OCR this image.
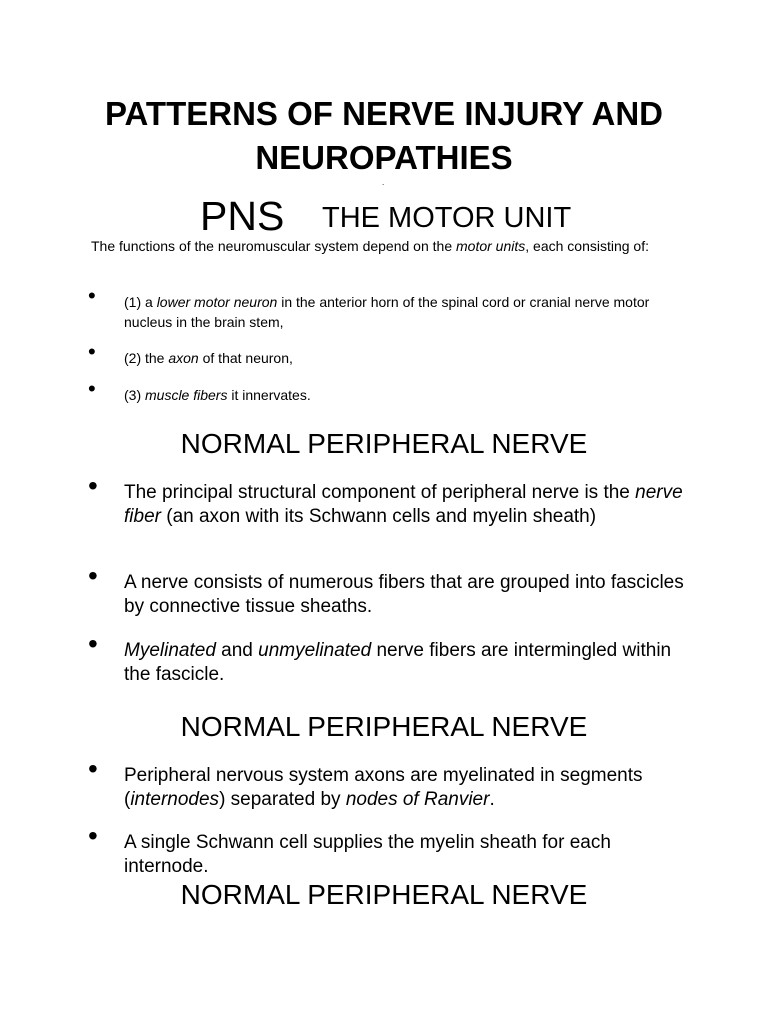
PATTERNS OF NERVE INJURY AND
NEUROPATHIES
.
PNS THE MOTOR UNIT
The functions of the neuromuscular system depend on the motor units, each consisting of:
• (1) a lower motor neuron in the anterior horn of the spinal cord or cranial nerve motor nucleus in the brain stem,
• (2) the axon of that neuron,
• (3) muscle fibers it innervates.
NORMAL PERIPHERAL NERVE
• The principal structural component of peripheral nerve is the nerve fiber (an axon with its Schwann cells and myelin sheath)
• A nerve consists of numerous fibers that are grouped into fascicles by connective tissue sheaths.
• Myelinated and unmyelinated nerve fibers are intermingled within the fascicle.
NORMAL PERIPHERAL NERVE
• Peripheral nervous system axons are myelinated in segments (internodes) separated by nodes of Ranvier.
• A single Schwann cell supplies the myelin sheath for each internode.
NORMAL PERIPHERAL NERVE
